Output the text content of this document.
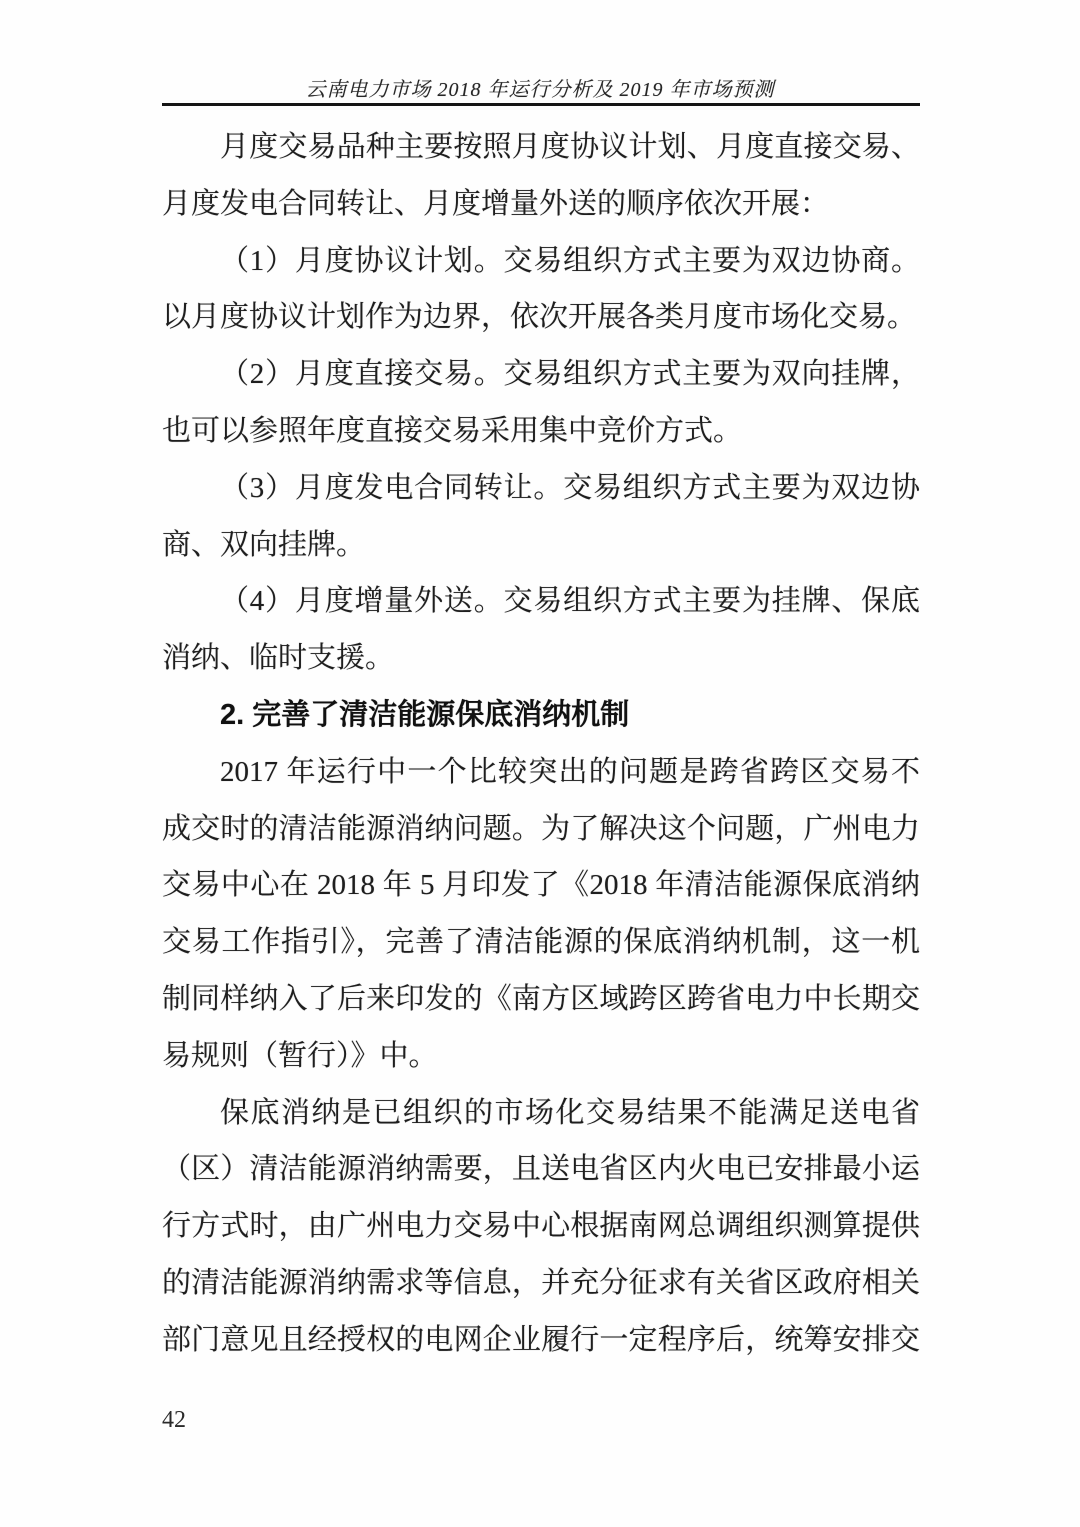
云南电力市场 2018 年运行分析及 2019 年市场预测
月度交易品种主要按照月度协议计划、月度直接交易、
月度发电合同转让、月度增量外送的顺序依次开展：
（1）月度协议计划。交易组织方式主要为双边协商。
以月度协议计划作为边界，依次开展各类月度市场化交易。
（2）月度直接交易。交易组织方式主要为双向挂牌，
也可以参照年度直接交易采用集中竞价方式。
（3）月度发电合同转让。交易组织方式主要为双边协
商、双向挂牌。
（4）月度增量外送。交易组织方式主要为挂牌、保底
消纳、临时支援。
2. 完善了清洁能源保底消纳机制
2017 年运行中一个比较突出的问题是跨省跨区交易不
成交时的清洁能源消纳问题。为了解决这个问题，广州电力
交易中心在 2018 年 5 月印发了《2018 年清洁能源保底消纳
交易工作指引》，完善了清洁能源的保底消纳机制，这一机
制同样纳入了后来印发的《南方区域跨区跨省电力中长期交
易规则（暂行）》中。
保底消纳是已组织的市场化交易结果不能满足送电省
（区）清洁能源消纳需要，且送电省区内火电已安排最小运
行方式时，由广州电力交易中心根据南网总调组织测算提供
的清洁能源消纳需求等信息，并充分征求有关省区政府相关
部门意见且经授权的电网企业履行一定程序后，统筹安排交
42
